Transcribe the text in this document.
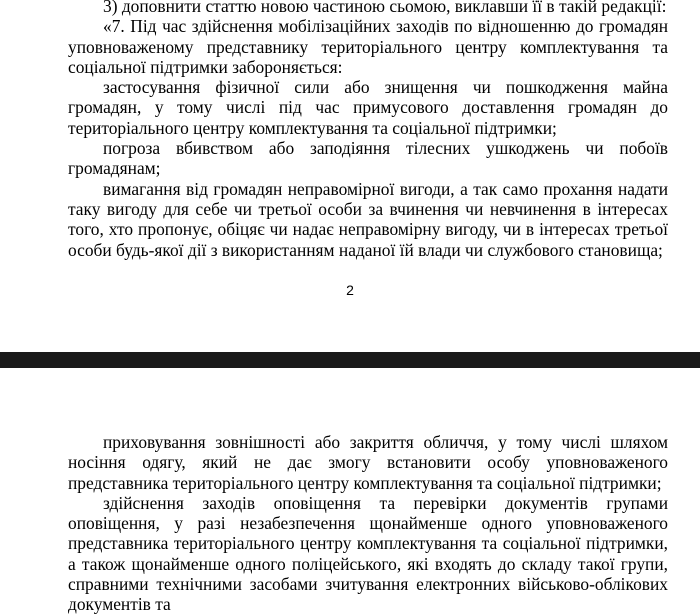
3) доповнити статтю новою частиною сьомою, виклавши її в такій редакції:

«7. Під час здійснення мобілізаційних заходів по відношенню до громадян уповноваженому представнику територіального центру комплектування та соціальної підтримки забороняється:

застосування фізичної сили або знищення чи пошкодження майна громадян, у тому числі під час примусового доставлення громадян до територіального центру комплектування та соціальної підтримки;

погроза вбивством або заподіяння тілесних ушкоджень чи побоїв громадянам;

вимагання від громадян неправомірної вигоди, а так само прохання надати таку вигоду для себе чи третьої особи за вчинення чи невчинення в інтересах того, хто пропонує, обіцяє чи надає неправомірну вигоду, чи в інтересах третьої особи будь-якої дії з використанням наданої їй влади чи службового становища;

2

приховування зовнішності або закриття обличчя, у тому числі шляхом носіння одягу, який не дає змогу встановити особу уповноваженого представника територіального центру комплектування та соціальної підтримки;

здійснення заходів оповіщення та перевірки документів групами оповіщення, у разі незабезпечення щонайменше одного уповноваженого представника територіального центру комплектування та соціальної підтримки, а також щонайменше одного поліцейського, які входять до складу такої групи, справними технічними засобами зчитування електронних військово-облікових документів та
